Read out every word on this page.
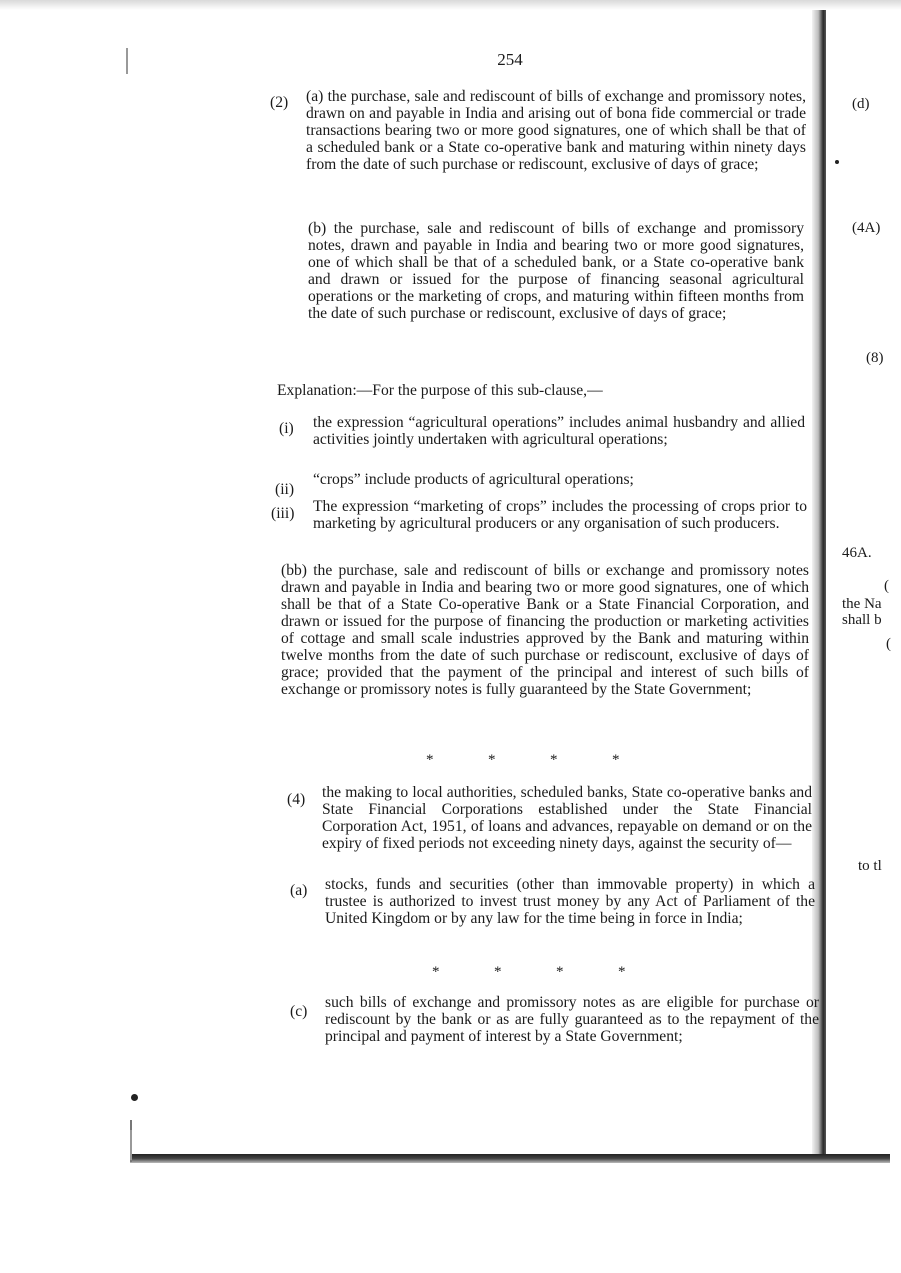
254
(2) (a) the purchase, sale and rediscount of bills of exchange and promissory notes, drawn on and payable in India and arising out of bona fide commercial or trade transactions bearing two or more good signatures, one of which shall be that of a scheduled bank or a State co-operative bank and maturing within ninety days from the date of such purchase or rediscount, exclusive of days of grace;
(b) the purchase, sale and rediscount of bills of exchange and promissory notes, drawn and payable in India and bearing two or more good signatures, one of which shall be that of a scheduled bank, or a State co-operative bank and drawn or issued for the purpose of financing seasonal agricultural operations or the marketing of crops, and maturing within fifteen months from the date of such purchase or rediscount, exclusive of days of grace;
Explanation:—For the purpose of this sub-clause,—
(i) the expression “agricultural operations” includes animal husbandry and allied activities jointly undertaken with agricultural operations;
(ii)
“crops” include products of agricultural operations;
(iii) The expression “marketing of crops” includes the processing of crops prior to marketing by agricultural producers or any organisation of such producers.
(bb) the purchase, sale and rediscount of bills or exchange and promissory notes drawn and payable in India and bearing two or more good signatures, one of which shall be that of a State Co-operative Bank or a State Financial Corporation, and drawn or issued for the purpose of financing the production or marketing activities of cottage and small scale industries approved by the Bank and maturing within twelve months from the date of such purchase or rediscount, exclusive of days of grace; provided that the payment of the principal and interest of such bills of exchange or promissory notes is fully guaranteed by the State Government;
*	*	*	*
(4) the making to local authorities, scheduled banks, State co-operative banks and State Financial Corporations established under the State Financial Corporation Act, 1951, of loans and advances, repayable on demand or on the expiry of fixed periods not exceeding ninety days, against the security of—
(a) stocks, funds and securities (other than immovable property) in which a trustee is authorized to invest trust money by any Act of Parliament of the United Kingdom or by any law for the time being in force in India;
*	*	*	*
(c)
such bills of exchange and promissory notes as are eligible for purchase or rediscount by the bank or as are fully guaranteed as to the repayment of the principal and payment of interest by a State Government;
(d)
(4A)
(8)
46A.
(
the Na
shall b
(
to tl
